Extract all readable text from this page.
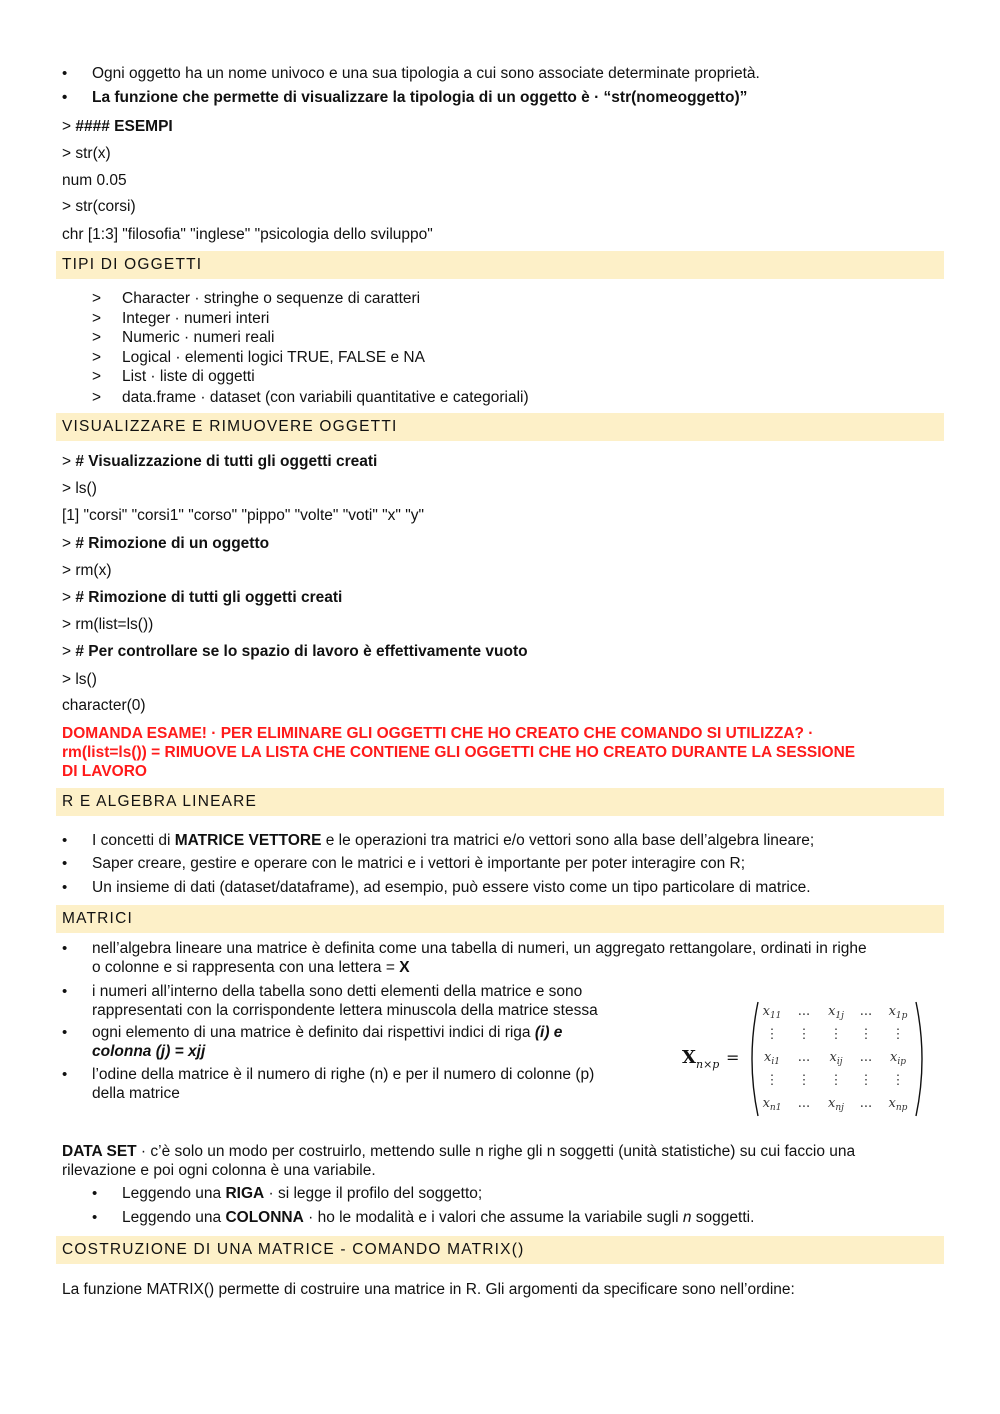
• Ogni oggetto ha un nome univoco e una sua tipologia a cui sono associate determinate proprietà.
• La funzione che permette di visualizzare la tipologia di un oggetto è · “str(nomeoggetto)”
> #### ESEMPI
> str(x)
num 0.05
> str(corsi)
chr [1:3] "filosofia" "inglese" "psicologia dello sviluppo"
TIPI DI OGGETTI
> Character · stringhe o sequenze di caratteri
> Integer · numeri interi
> Numeric · numeri reali
> Logical · elementi logici TRUE, FALSE e NA
> List · liste di oggetti
> data.frame · dataset (con variabili quantitative e categoriali)
VISUALIZZARE E RIMUOVERE OGGETTI
> # Visualizzazione di tutti gli oggetti creati
> ls()
[1] "corsi" "corsi1" "corso" "pippo" "volte" "voti" "x" "y"
> # Rimozione di un oggetto
> rm(x)
> # Rimozione di tutti gli oggetti creati
> rm(list=ls())
> # Per controllare se lo spazio di lavoro è effettivamente vuoto
> ls()
character(0)
DOMANDA ESAME! · PER ELIMINARE GLI OGGETTI CHE HO CREATO CHE COMANDO SI UTILIZZA? ·
rm(list=ls()) = RIMUOVE LA LISTA CHE CONTIENE GLI OGGETTI CHE HO CREATO DURANTE LA SESSIONE
DI LAVORO
R E ALGEBRA LINEARE
• I concetti di MATRICE VETTORE e le operazioni tra matrici e/o vettori sono alla base dell’algebra lineare;
• Saper creare, gestire e operare con le matrici e i vettori è importante per poter interagire con R;
• Un insieme di dati (dataset/dataframe), ad esempio, può essere visto come un tipo particolare di matrice.
MATRICI
• nell’algebra lineare una matrice è definita come una tabella di numeri, un aggregato rettangolare, ordinati in righe
o colonne e si rappresenta con una lettera = X
• i numeri all’interno della tabella sono detti elementi della matrice e sono
rappresentati con la corrispondente lettera minuscola della matrice stessa
• ogni elemento di una matrice è definito dai rispettivi indici di riga (i) e
colonna (j) = xjj
• l’odine della matrice è il numero di righe (n) e per il numero di colonne (p)
della matrice
X n×p =
$x_{11}$ ... $x_{1j}$ ... $x_{1p}$
⋮ ⋮ ⋮ ⋮ ⋮
$x_{i1}$ ... $x_{ij}$ ... $x_{ip}$
⋮ ⋮ ⋮ ⋮ ⋮
$x_{n1}$ ... $x_{nj}$ ... $x_{np}$
DATA SET · c’è solo un modo per costruirlo, mettendo sulle n righe gli n soggetti (unità statistiche) su cui faccio una
rilevazione e poi ogni colonna è una variabile.
• Leggendo una RIGA · si legge il profilo del soggetto;
• Leggendo una COLONNA · ho le modalità e i valori che assume la variabile sugli n soggetti.
COSTRUZIONE DI UNA MATRICE - COMANDO MATRIX()
La funzione MATRIX() permette di costruire una matrice in R. Gli argomenti da specificare sono nell’ordine:
